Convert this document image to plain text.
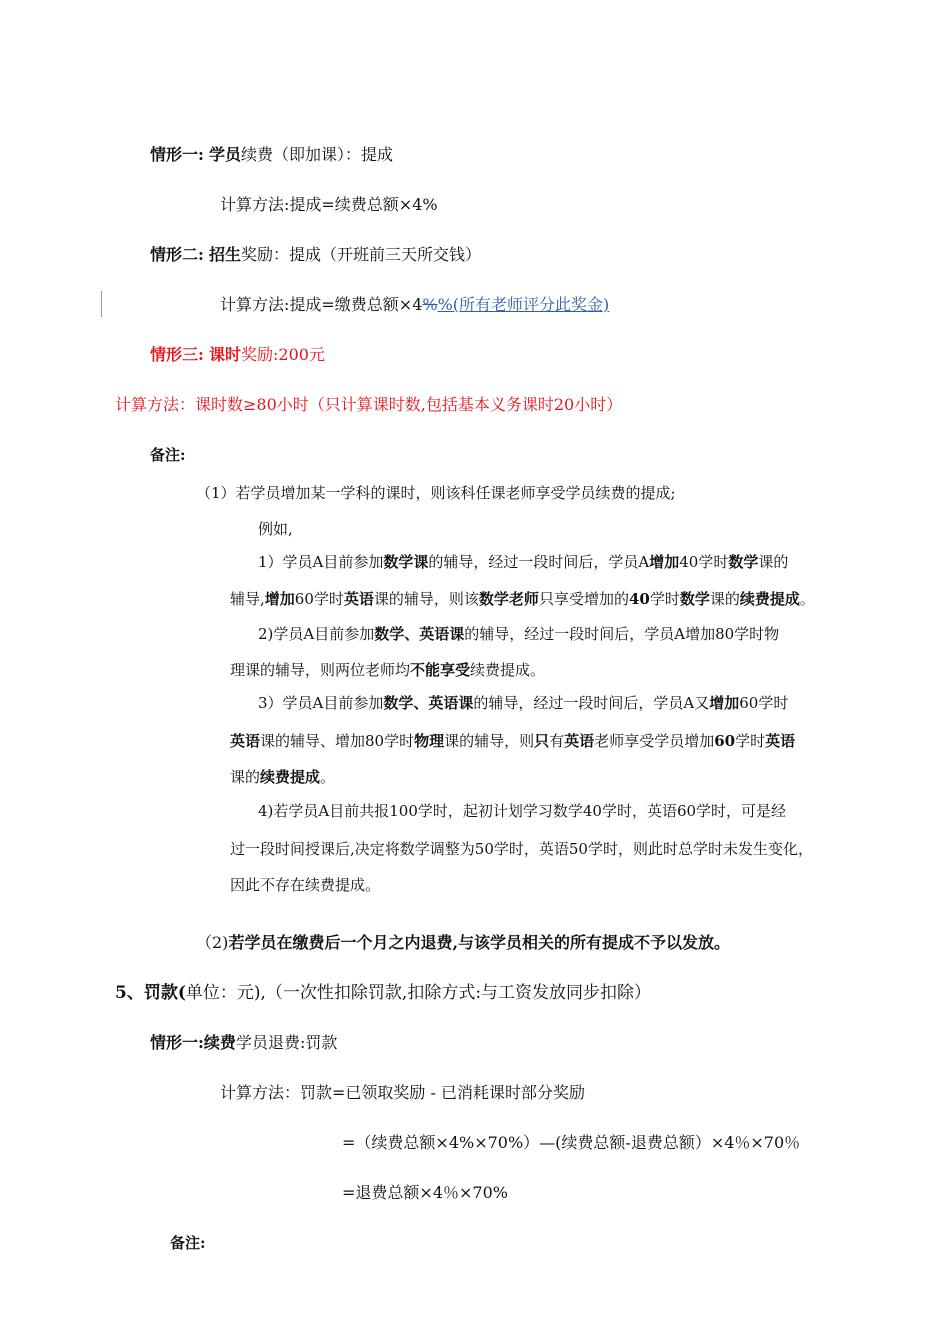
情形一: 学员续费（即加课）：提成
计算方法:提成=续费总额×4%
情形二: 招生奖励：提成（开班前三天所交钱）
计算方法:提成=缴费总额×4%%(所有老师评分此奖金)
情形三: 课时奖励:200元
计算方法：课时数≥80小时（只计算课时数,包括基本义务课时20小时）
备注:
（1）若学员增加某一学科的课时，则该科任课老师享受学员续费的提成;
例如,
1）学员A目前参加数学课的辅导，经过一段时间后，学员A增加40学时数学课的
辅导,增加60学时英语课的辅导，则该数学老师只享受增加的40学时数学课的续费提成。
2)学员A目前参加数学、英语课的辅导，经过一段时间后，学员A增加80学时物
理课的辅导，则两位老师均不能享受续费提成。
3）学员A目前参加数学、英语课的辅导，经过一段时间后，学员A又增加60学时
英语课的辅导、增加80学时物理课的辅导，则只有英语老师享受学员增加60学时英语
课的续费提成。
4)若学员A目前共报100学时，起初计划学习数学40学时，英语60学时，可是经
过一段时间授课后,决定将数学调整为50学时，英语50学时，则此时总学时未发生变化，
因此不存在续费提成。
（2)若学员在缴费后一个月之内退费,与该学员相关的所有提成不予以发放。
5、罚款(单位：元),（一次性扣除罚款,扣除方式:与工资发放同步扣除）
情形一:续费学员退费:罚款
计算方法：罚款=已领取奖励 - 已消耗课时部分奖励
=（续费总额×4%×70%）—(续费总额-退费总额）×4％×70％
=退费总额×4％×70%
备注:
